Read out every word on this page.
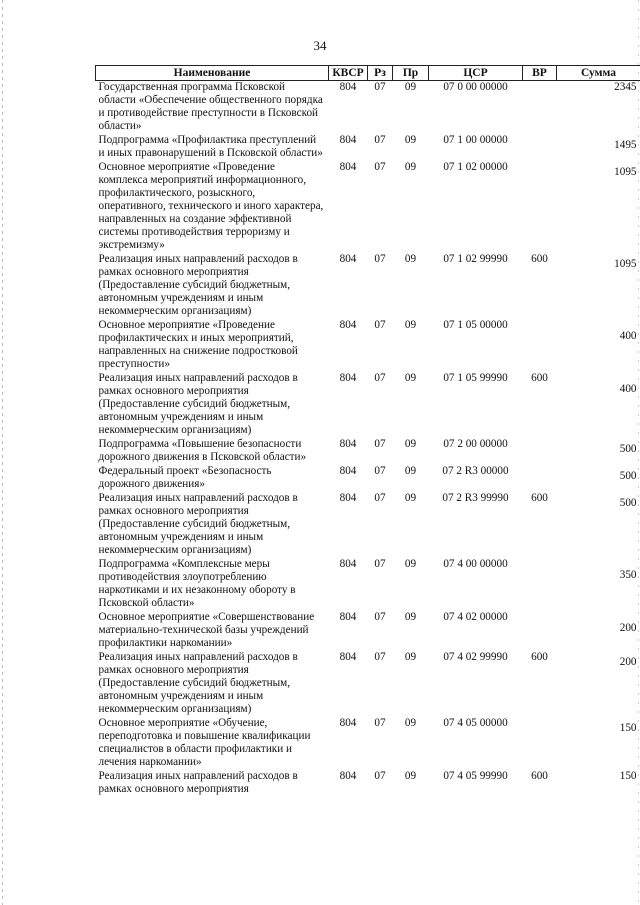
34
Наименование	КВСР	Рз	Пр	ЦСР	ВР	Сумма
Государственная программа Псковской области «Обеспечение общественного порядка и противодействие преступности в Псковской области»	804	07	09	07 0 00 00000		2345
Подпрограмма «Профилактика преступлений и иных правонарушений в Псковской области»	804	07	09	07 1 00 00000		1495
Основное мероприятие «Проведение комплекса мероприятий информационного, профилактического, розыскного, оперативного, технического и иного характера, направленных на создание эффективной системы противодействия терроризму и экстремизму»	804	07	09	07 1 02 00000		1095
Реализация иных направлений расходов в рамках основного мероприятия (Предоставление субсидий бюджетным, автономным учреждениям и иным некоммерческим организациям)	804	07	09	07 1 02 99990	600	1095
Основное мероприятие «Проведение профилактических и иных мероприятий, направленных на снижение подростковой преступности»	804	07	09	07 1 05 00000		400
Реализация иных направлений расходов в рамках основного мероприятия (Предоставление субсидий бюджетным, автономным учреждениям и иным некоммерческим организациям)	804	07	09	07 1 05 99990	600	400
Подпрограмма «Повышение безопасности дорожного движения в Псковской области»	804	07	09	07 2 00 00000		500
Федеральный проект «Безопасность дорожного движения»	804	07	09	07 2 R3 00000		500
Реализация иных направлений расходов в рамках основного мероприятия (Предоставление субсидий бюджетным, автономным учреждениям и иным некоммерческим организациям)	804	07	09	07 2 R3 99990	600	500
Подпрограмма «Комплексные меры противодействия злоупотреблению наркотиками и их незаконному обороту в Псковской области»	804	07	09	07 4 00 00000		350
Основное мероприятие «Совершенствование материально-технической базы учреждений профилактики наркомании»	804	07	09	07 4 02 00000		200
Реализация иных направлений расходов в рамках основного мероприятия (Предоставление субсидий бюджетным, автономным учреждениям и иным некоммерческим организациям)	804	07	09	07 4 02 99990	600	200
Основное мероприятие «Обучение, переподготовка и повышение квалификации специалистов в области профилактики и лечения наркомании»	804	07	09	07 4 05 00000		150
Реализация иных направлений расходов в рамках основного мероприятия	804	07	09	07 4 05 99990	600	150
